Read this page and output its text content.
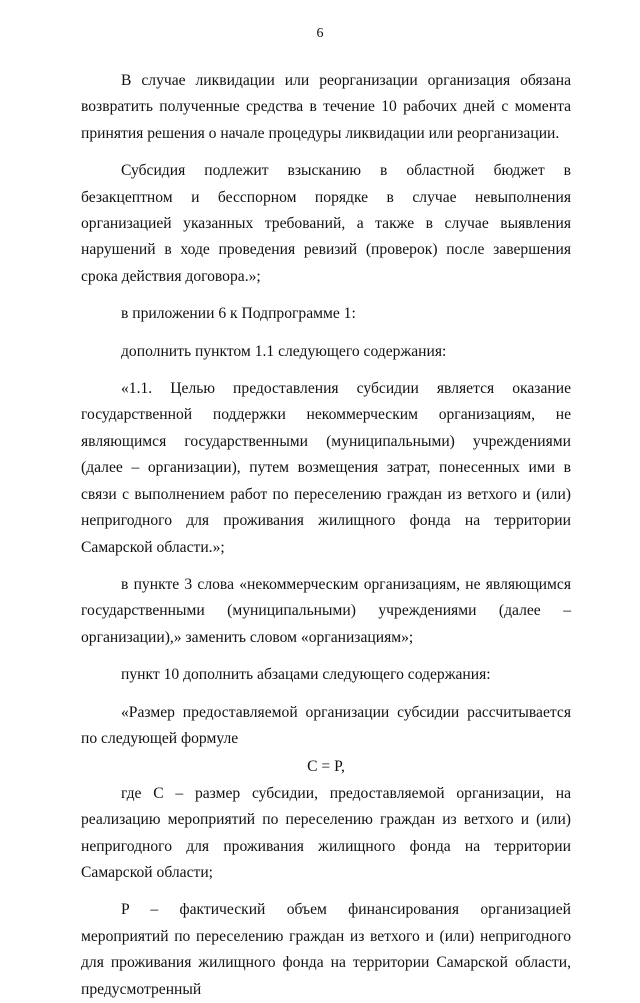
6

В случае ликвидации или реорганизации организация обязана возвратить полученные средства в течение 10 рабочих дней с момента принятия решения о начале процедуры ликвидации или реорганизации.

Субсидия подлежит взысканию в областной бюджет в безакцептном и бесспорном порядке в случае невыполнения организацией указанных требований, а также в случае выявления нарушений в ходе проведения ревизий (проверок) после завершения срока действия договора.»;

в приложении 6 к Подпрограмме 1:

дополнить пунктом 1.1 следующего содержания:

«1.1. Целью предоставления субсидии является оказание государственной поддержки некоммерческим организациям, не являющимся государственными (муниципальными) учреждениями (далее – организации), путем возмещения затрат, понесенных ими в связи с выполнением работ по переселению граждан из ветхого и (или) непригодного для проживания жилищного фонда на территории Самарской области.»;

в пункте 3 слова «некоммерческим организациям, не являющимся государственными (муниципальными) учреждениями (далее – организации),» заменить словом «организациям»;

пункт 10 дополнить абзацами следующего содержания:

«Размер предоставляемой организации субсидии рассчитывается по следующей формуле

C = P,

где C – размер субсидии, предоставляемой организации, на реализацию мероприятий по переселению граждан из ветхого и (или) непригодного для проживания жилищного фонда на территории Самарской области;

P – фактический объем финансирования организацией мероприятий по переселению граждан из ветхого и (или) непригодного для проживания жилищного фонда на территории Самарской области, предусмотренный
